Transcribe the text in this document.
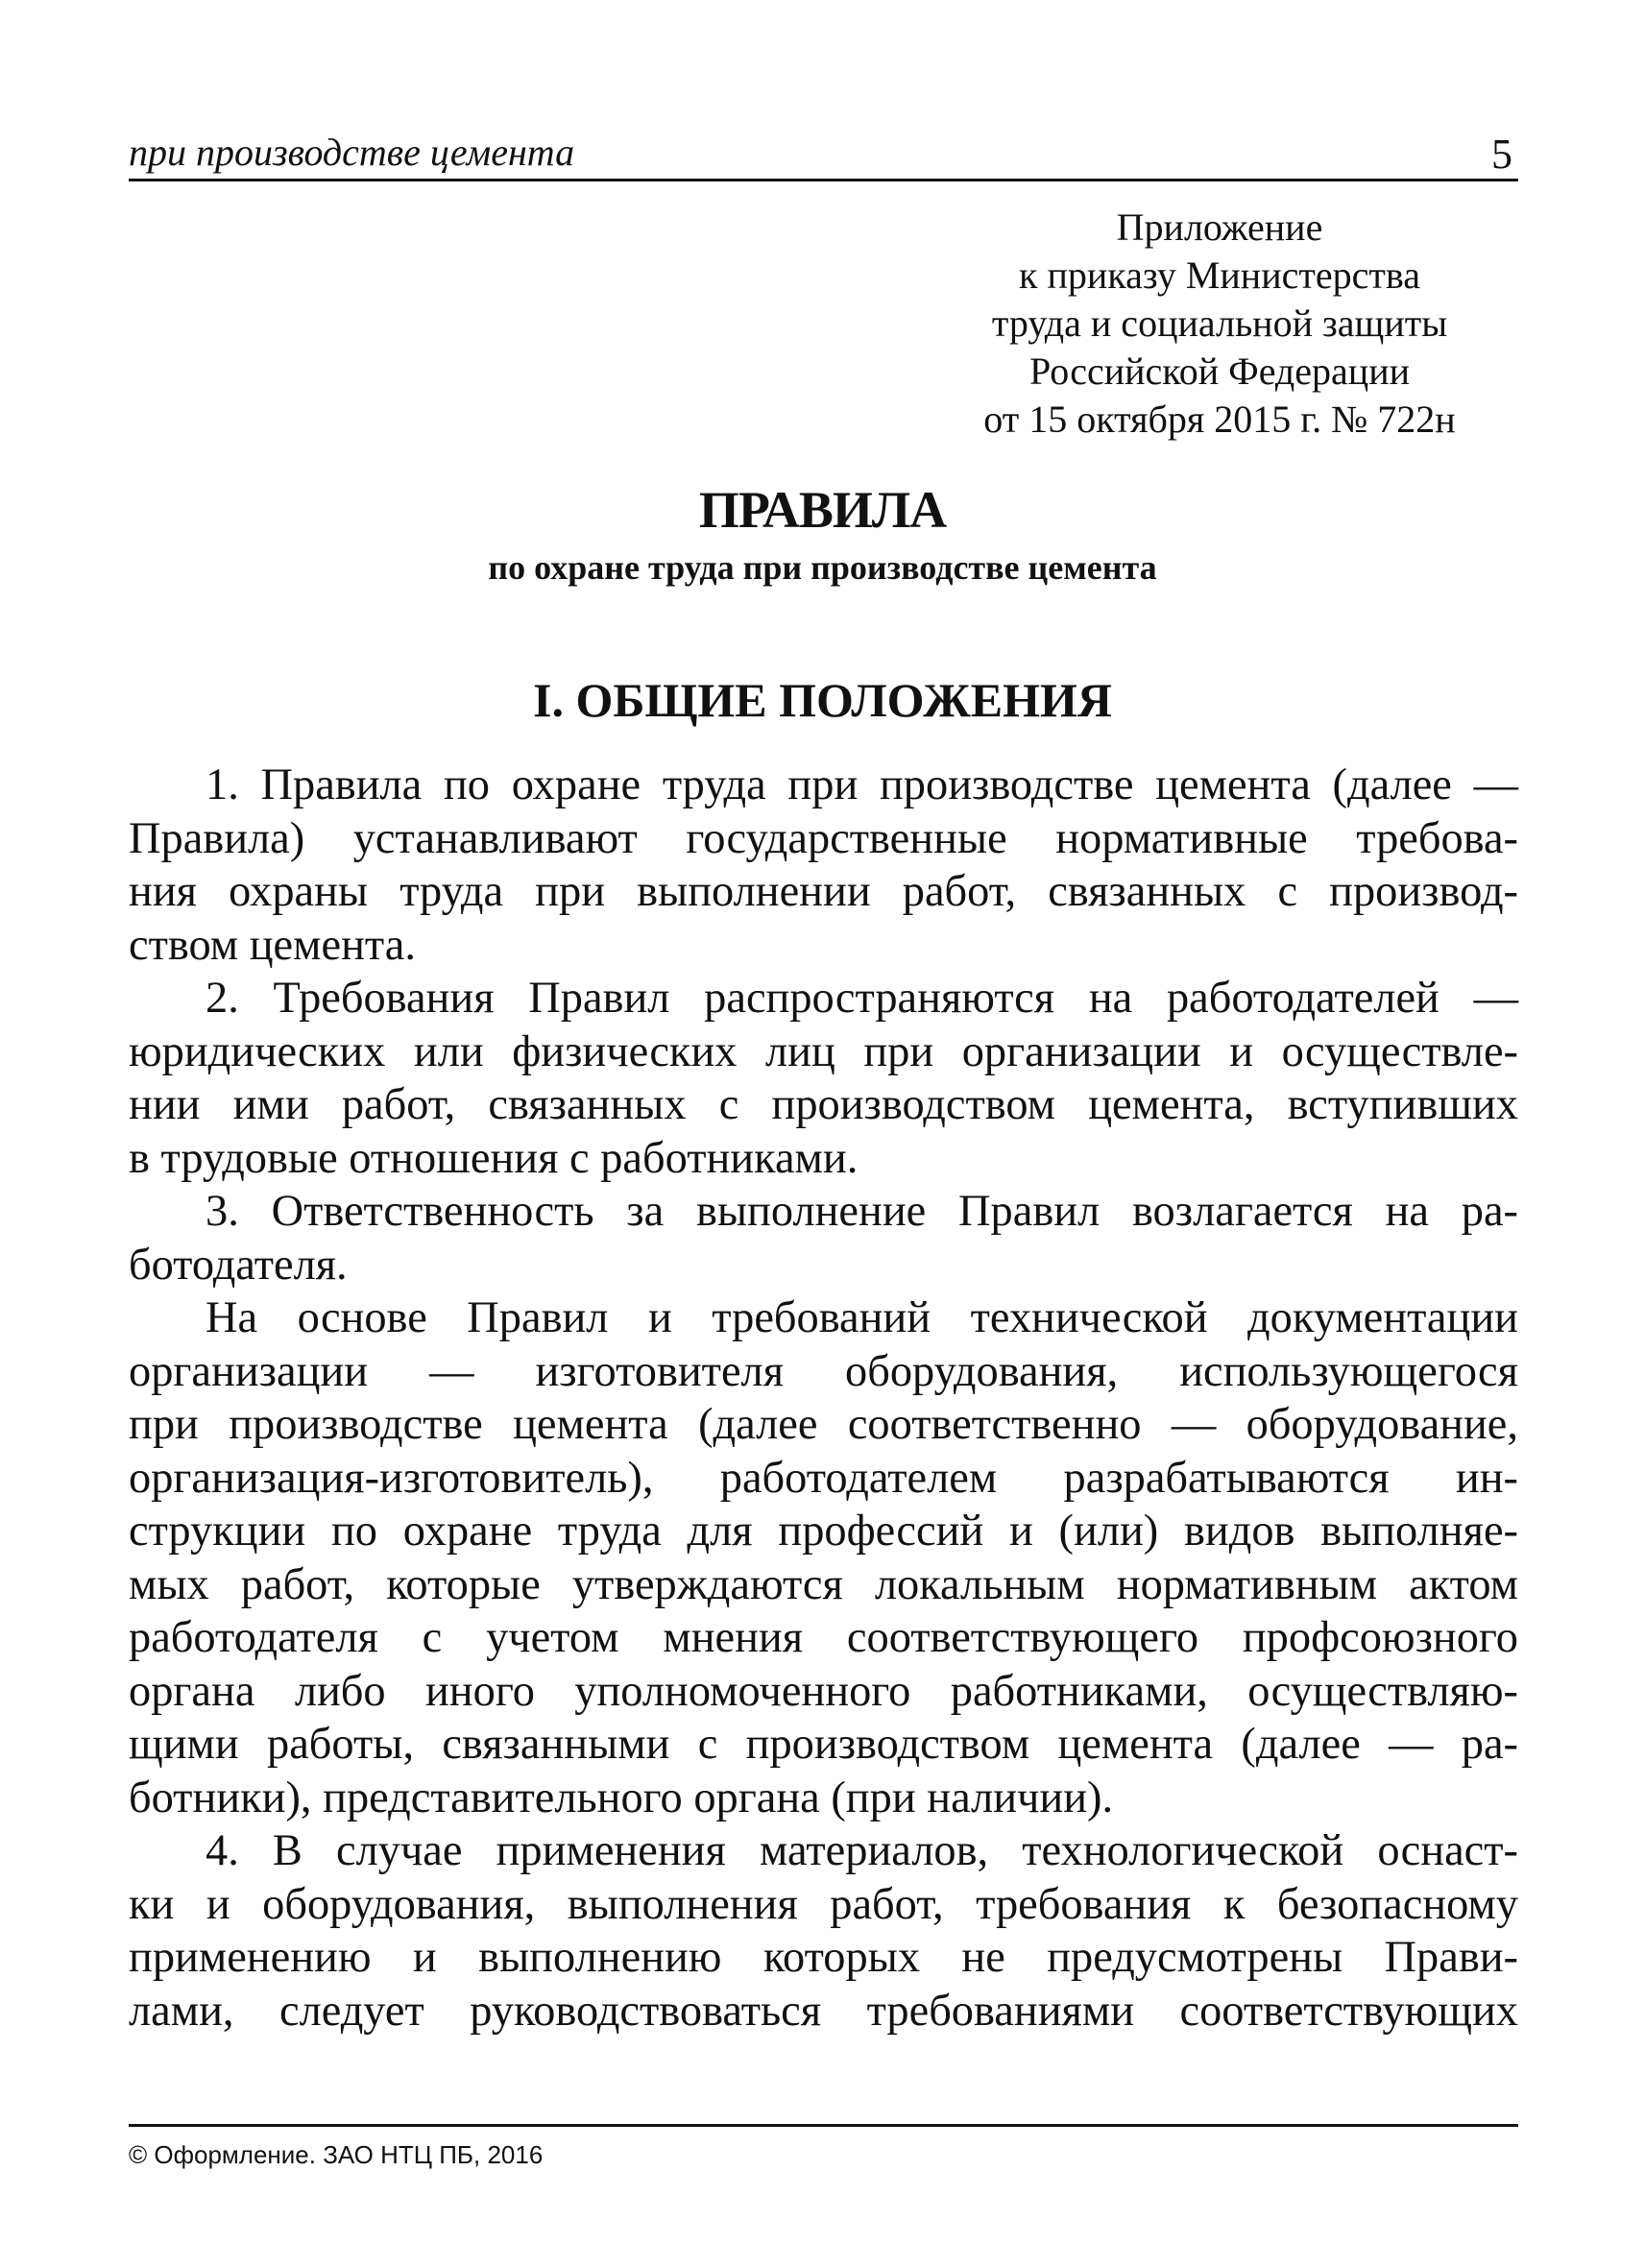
при производстве цемента	5
Приложение
к приказу Министерства
труда и социальной защиты
Российской Федерации
от 15 октября 2015 г. № 722н
ПРАВИЛА
по охране труда при производстве цемента
I. ОБЩИЕ ПОЛОЖЕНИЯ
1. Правила по охране труда при производстве цемента (далее —
Правила) устанавливают государственные нормативные требова-
ния охраны труда при выполнении работ, связанных с производ-
ством цемента.
2. Требования Правил распространяются на работодателей —
юридических или физических лиц при организации и осуществле-
нии ими работ, связанных с производством цемента, вступивших
в трудовые отношения с работниками.
3. Ответственность за выполнение Правил возлагается на ра-
ботодателя.
На основе Правил и требований технической документации
организации — изготовителя оборудования, использующегося
при производстве цемента (далее соответственно — оборудование,
организация-изготовитель), работодателем разрабатываются ин-
струкции по охране труда для профессий и (или) видов выполняе-
мых работ, которые утверждаются локальным нормативным актом
работодателя с учетом мнения соответствующего профсоюзного
органа либо иного уполномоченного работниками, осуществляю-
щими работы, связанными с производством цемента (далее — ра-
ботники), представительного органа (при наличии).
4. В случае применения материалов, технологической оснаст-
ки и оборудования, выполнения работ, требования к безопасному
применению и выполнению которых не предусмотрены Прави-
лами, следует руководствоваться требованиями соответствующих
© Оформление. ЗАО НТЦ ПБ, 2016
